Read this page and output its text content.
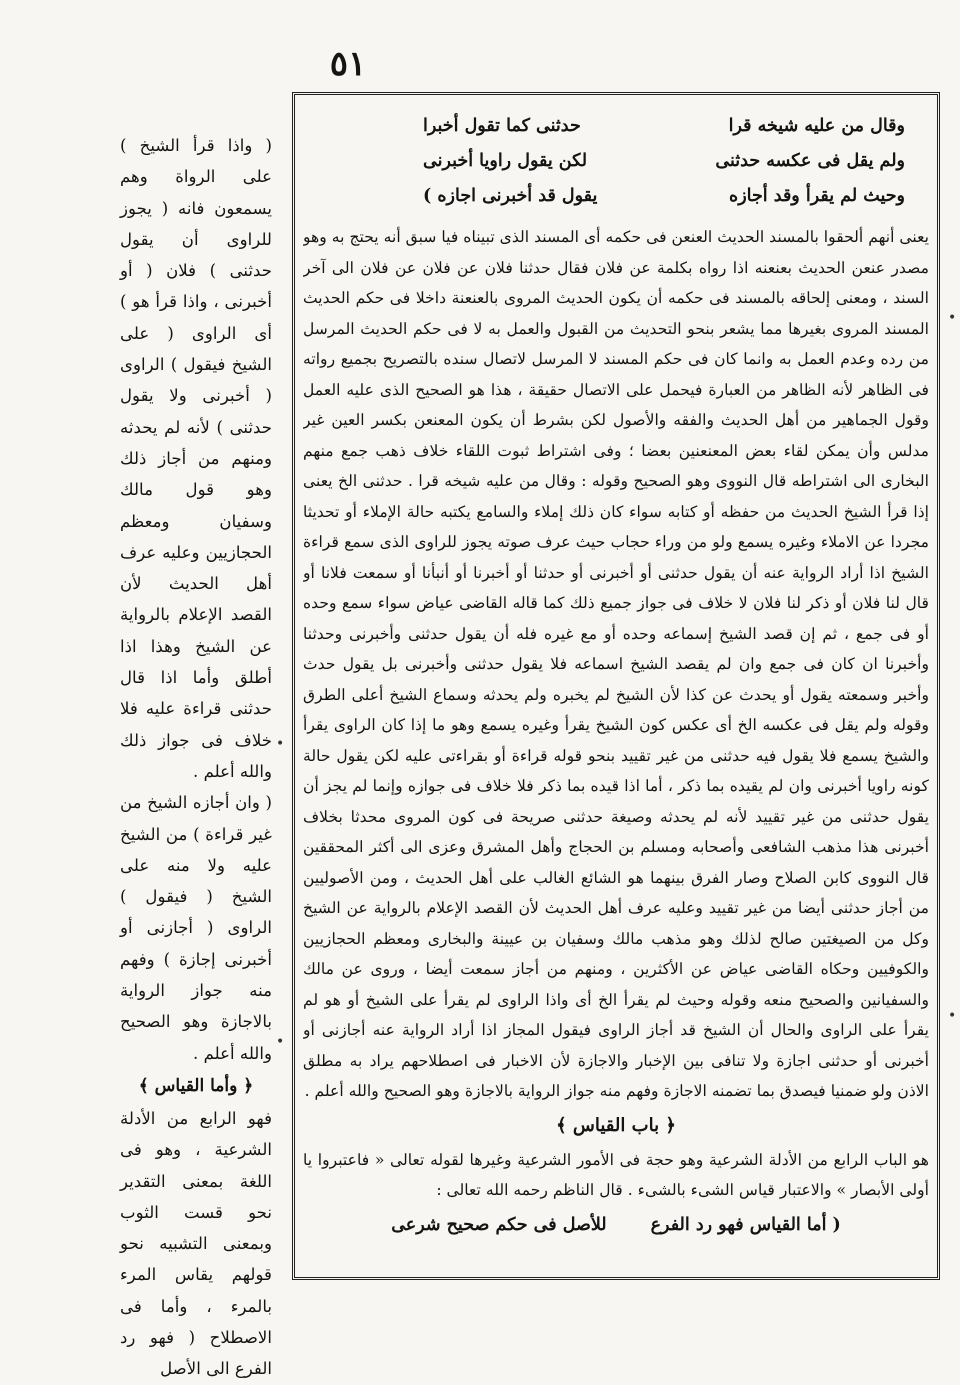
٥١
وقال من عليه شيخه قرا
حدثنى كما تقول أخبرا
ولم يقل فى عكسه حدثنى
لكن يقول راويا أخبرنى
وحيث لم يقرأ وقد أجازه
يقول قد أخبرنى اجازه )

يعنى أنهم ألحقوا بالمسند الحديث العنعن فى حكمه أى المسند الذى تبيناه فيا سبق أنه يحتج به وهو مصدر عنعن الحديث بعنعنه اذا رواه بكلمة عن فلان فقال حدثنا فلان عن فلان عن فلان الى آخر السند ، ومعنى إلحاقه بالمسند فى حكمه أن يكون الحديث المروى بالعنعنة داخلا فى حكم الحديث المسند المروى بغيرها مما يشعر بنحو التحديث من القبول والعمل به لا فى حكم الحديث المرسل من رده وعدم العمل به وانما كان فى حكم المسند لا المرسل لاتصال سنده بالتصريح بجميع رواته فى الظاهر لأنه الظاهر من العبارة فيحمل على الاتصال حقيقة ، هذا هو الصحيح الذى عليه العمل وقول الجماهير من أهل الحديث والفقه والأصول لكن بشرط أن يكون المعنعن بكسر العين غير مدلس وأن يمكن لقاء بعض المعنعنين بعضا ؛ وفى اشتراط ثبوت اللقاء خلاف ذهب جمع منهم البخارى الى اشتراطه قال النووى وهو الصحيح وقوله : وقال من عليه شيخه قرا . حدثنى الخ يعنى إذا قرأ الشيخ الحديث من حفظه أو كتابه سواء كان ذلك إملاء والسامع يكتبه حالة الإملاء أو تحديثا مجردا عن الاملاء وغيره يسمع ولو من وراء حجاب حيث عرف صوته يجوز للراوى الذى سمع قراءة الشيخ اذا أراد الرواية عنه أن يقول حدثنى أو أخبرنى أو حدثنا أو أخبرنا أو أنبأنا أو سمعت فلانا أو قال لنا فلان أو ذكر لنا فلان لا خلاف فى جواز جميع ذلك كما قاله القاضى عياض سواء سمع وحده أو فى جمع ، ثم إن قصد الشيخ إسماعه وحده أو مع غيره فله أن يقول حدثنى وأخبرنى وحدثنا وأخبرنا ان كان فى جمع وان لم يقصد الشيخ اسماعه فلا يقول حدثنى وأخبرنى بل يقول حدث وأخبر وسمعته يقول أو يحدث عن كذا لأن الشيخ لم يخبره ولم يحدثه وسماع الشيخ أعلى الطرق وقوله ولم يقل فى عكسه الخ أى عكس كون الشيخ يقرأ وغيره يسمع وهو ما إذا كان الراوى يقرأ والشيخ يسمع فلا يقول فيه حدثنى من غير تقييد بنحو قوله قراءة أو بقراءتى عليه لكن يقول حالة كونه راويا أخبرنى وان لم يقيده بما ذكر ، أما اذا قيده بما ذكر فلا خلاف فى جوازه وإنما لم يجز أن يقول حدثنى من غير تقييد لأنه لم يحدثه وصيغة حدثنى صريحة فى كون المروى محدثا بخلاف أخبرنى هذا مذهب الشافعى وأصحابه ومسلم بن الحجاج وأهل المشرق وعزى الى أكثر المحققين قال النووى كابن الصلاح وصار الفرق بينهما هو الشائع الغالب على أهل الحديث ، ومن الأصوليين من أجاز حدثنى أيضا من غير تقييد وعليه عرف أهل الحديث لأن القصد الإعلام بالرواية عن الشيخ وكل من الصيغتين صالح لذلك وهو مذهب مالك وسفيان بن عيينة والبخارى ومعظم الحجازيين والكوفيين وحكاه القاضى عياض عن الأكثرين ، ومنهم من أجاز سمعت أيضا ، وروى عن مالك والسفيانين والصحيح منعه وقوله وحيث لم يقرأ الخ أى واذا الراوى لم يقرأ على الشيخ أو هو لم يقرأ على الراوى والحال أن الشيخ قد أجاز الراوى فيقول المجاز اذا أراد الرواية عنه أجازنى أو أخبرنى أو حدثنى اجازة ولا تنافى بين الإخبار والاجازة لأن الاخبار فى اصطلاحهم يراد به مطلق الاذن ولو ضمنيا فيصدق بما تضمنه الاجازة وفهم منه جواز الرواية بالاجازة وهو الصحيح والله أعلم .

﴿ باب القياس ﴾

هو الباب الرابع من الأدلة الشرعية وهو حجة فى الأمور الشرعية وغيرها لقوله تعالى « فاعتبروا يا أولى الأبصار » والاعتبار قياس الشىء بالشىء . قال الناظم رحمه الله تعالى :

( أما القياس فهو رد الفرع
للأصل فى حكم صحيح شرعى

( واذا قرأ الشيخ ) على الرواة وهم يسمعون فانه ( يجوز للراوى أن يقول حدثنى ) فلان ( أو أخبرنى ، واذا قرأ هو ) أى الراوى ( على الشيخ فيقول ) الراوى ( أخبرنى ولا يقول حدثنى ) لأنه لم يحدثه ومنهم من أجاز ذلك وهو قول مالك وسفيان ومعظم الحجازيين وعليه عرف أهل الحديث لأن القصد الإعلام بالرواية عن الشيخ وهذا اذا أطلق وأما اذا قال حدثنى قراءة عليه فلا خلاف فى جواز ذلك والله أعلم .

( وان أجازه الشيخ من غير قراءة ) من الشيخ عليه ولا منه على الشيخ ( فيقول ) الراوى ( أجازنى أو أخبرنى إجازة ) وفهم منه جواز الرواية بالاجازة وهو الصحيح والله أعلم .

﴿ وأما القياس ﴾

فهو الرابع من الأدلة الشرعية ، وهو فى اللغة بمعنى التقدير نحو قست الثوب وبمعنى التشبيه نحو قولهم يقاس المرء بالمرء ، وأما فى الاصطلاح ( فهو رد الفرع الى الأصل

•
•
•
•
